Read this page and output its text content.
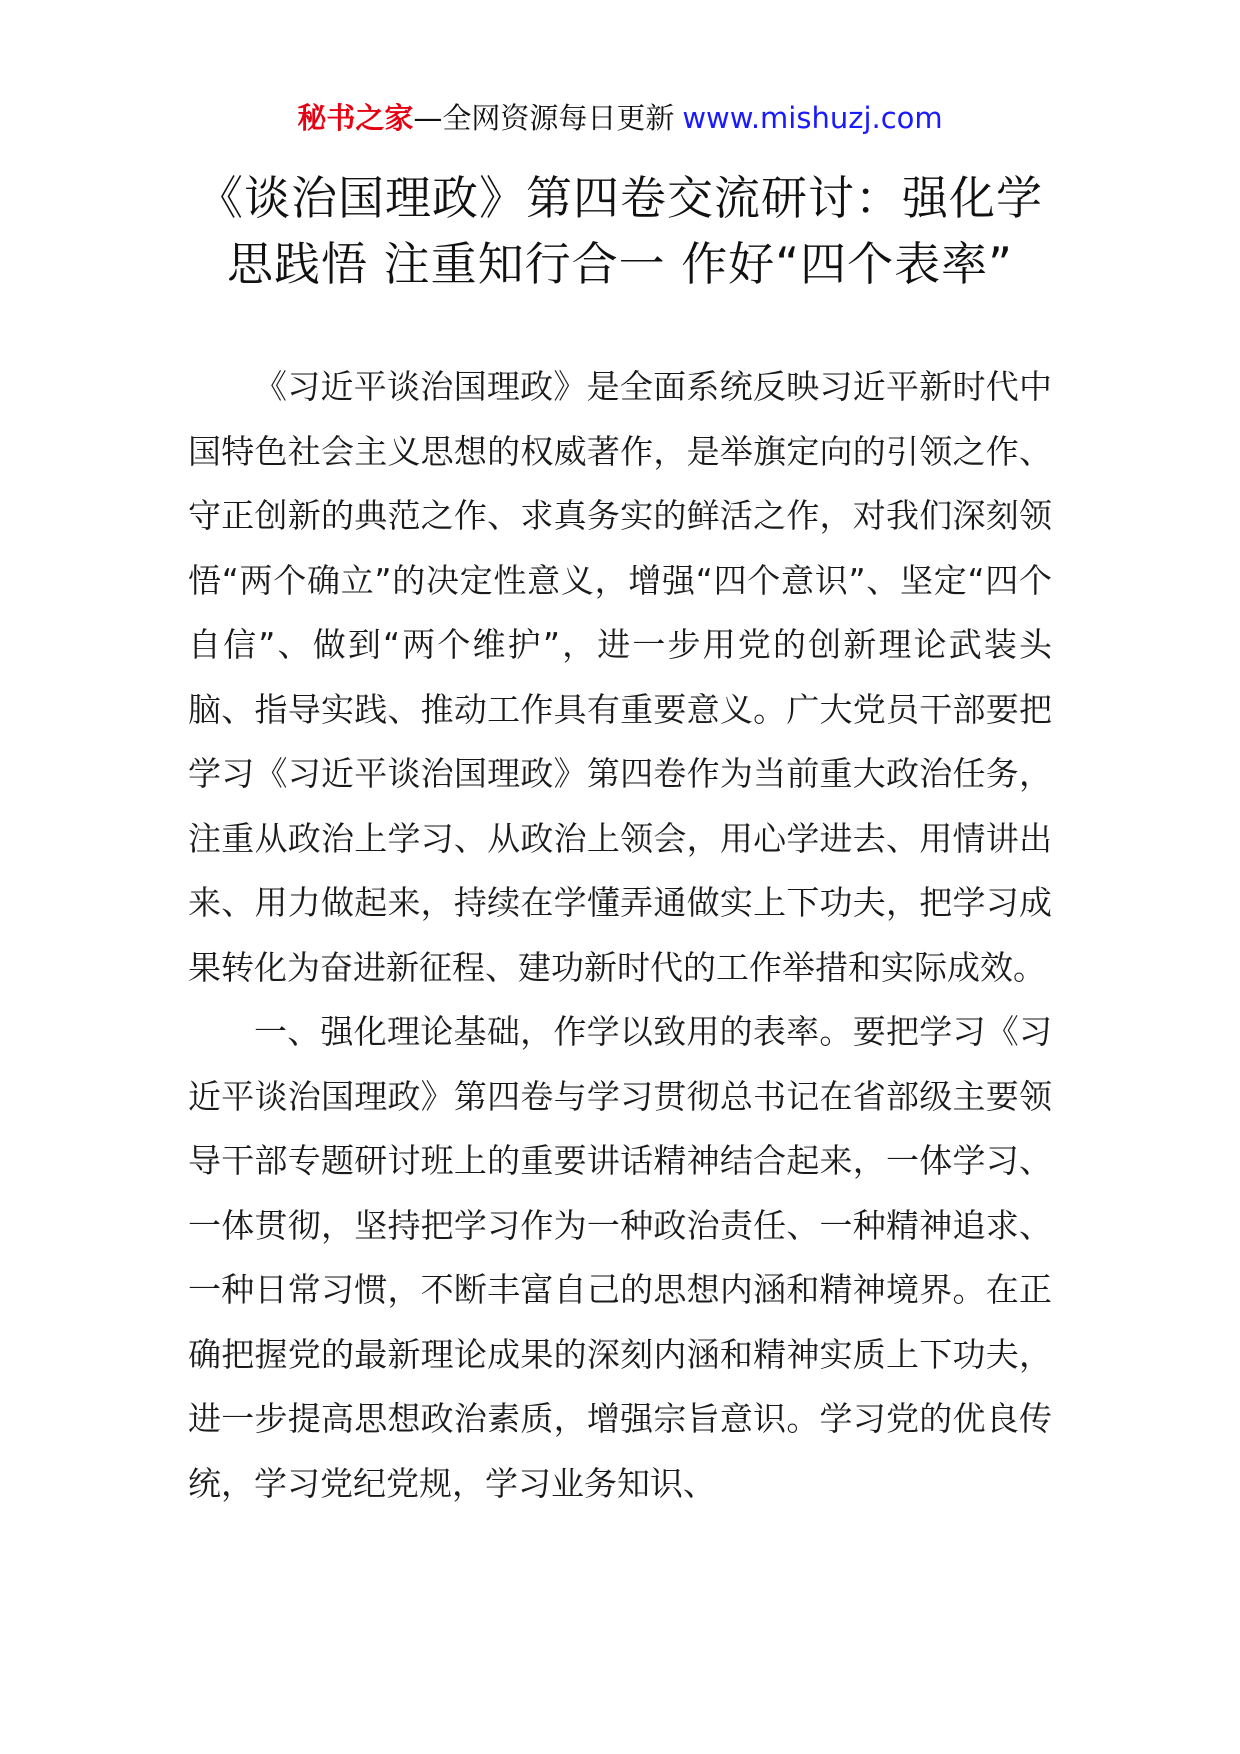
秘书之家—全网资源每日更新 www.mishuzj.com
《谈治国理政》第四卷交流研讨：强化学
思践悟 注重知行合一 作好“四个表率”

《习近平谈治国理政》是全面系统反映习近平新时代中国特色社会主义思想的权威著作，是举旗定向的引领之作、守正创新的典范之作、求真务实的鲜活之作，对我们深刻领悟“两个确立”的决定性意义，增强“四个意识”、坚定“四个自信”、做到“两个维护”，进一步用党的创新理论武装头脑、指导实践、推动工作具有重要意义。广大党员干部要把学习《习近平谈治国理政》第四卷作为当前重大政治任务，注重从政治上学习、从政治上领会，用心学进去、用情讲出来、用力做起来，持续在学懂弄通做实上下功夫，把学习成果转化为奋进新征程、建功新时代的工作举措和实际成效。

一、强化理论基础，作学以致用的表率。要把学习《习近平谈治国理政》第四卷与学习贯彻总书记在省部级主要领导干部专题研讨班上的重要讲话精神结合起来，一体学习、一体贯彻，坚持把学习作为一种政治责任、一种精神追求、一种日常习惯，不断丰富自己的思想内涵和精神境界。在正确把握党的最新理论成果的深刻内涵和精神实质上下功夫，进一步提高思想政治素质，增强宗旨意识。学习党的优良传统，学习党纪党规，学习业务知识、
